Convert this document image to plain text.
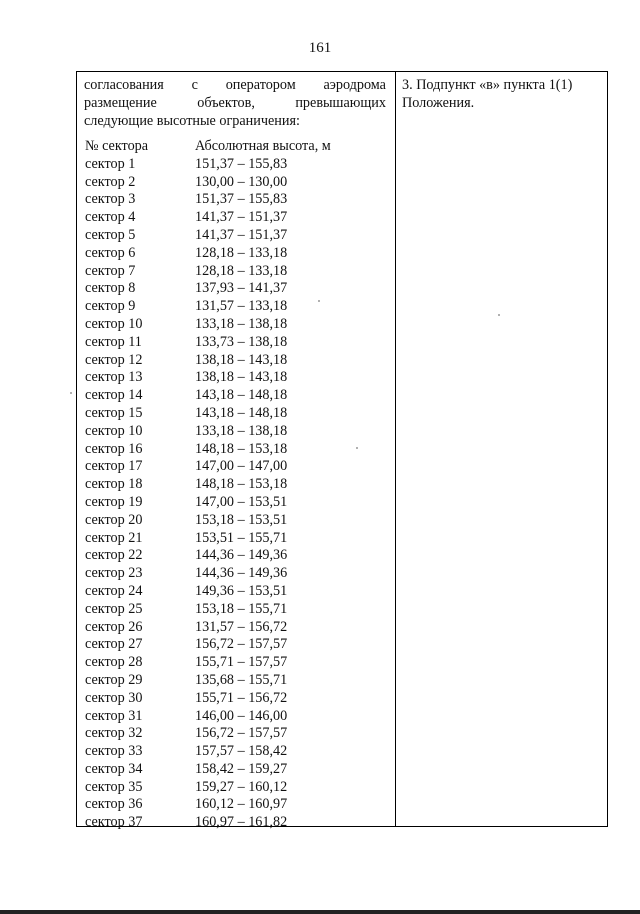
161
согласования с оператором аэродрома
размещение	объектов,	превышающих
следующие высотные ограничения:
3. Подпункт «в» пункта 1(1)
Положения.
№ сектора	Абсолютная высота, м
сектор 1	151,37 – 155,83
сектор 2	130,00 – 130,00
сектор 3	151,37 – 155,83
сектор 4	141,37 – 151,37
сектор 5	141,37 – 151,37
сектор 6	128,18 – 133,18
сектор 7	128,18 – 133,18
сектор 8	137,93 – 141,37
сектор 9	131,57 – 133,18
сектор 10	133,18 – 138,18
сектор 11	133,73 – 138,18
сектор 12	138,18 – 143,18
сектор 13	138,18 – 143,18
сектор 14	143,18 – 148,18
сектор 15	143,18 – 148,18
сектор 10	133,18 – 138,18
сектор 16	148,18 – 153,18
сектор 17	147,00 – 147,00
сектор 18	148,18 – 153,18
сектор 19	147,00 – 153,51
сектор 20	153,18 – 153,51
сектор 21	153,51 – 155,71
сектор 22	144,36 – 149,36
сектор 23	144,36 – 149,36
сектор 24	149,36 – 153,51
сектор 25	153,18 – 155,71
сектор 26	131,57 – 156,72
сектор 27	156,72 – 157,57
сектор 28	155,71 – 157,57
сектор 29	135,68 – 155,71
сектор 30	155,71 – 156,72
сектор 31	146,00 – 146,00
сектор 32	156,72 – 157,57
сектор 33	157,57 – 158,42
сектор 34	158,42 – 159,27
сектор 35	159,27 – 160,12
сектор 36	160,12 – 160,97
сектор 37	160,97 – 161,82
